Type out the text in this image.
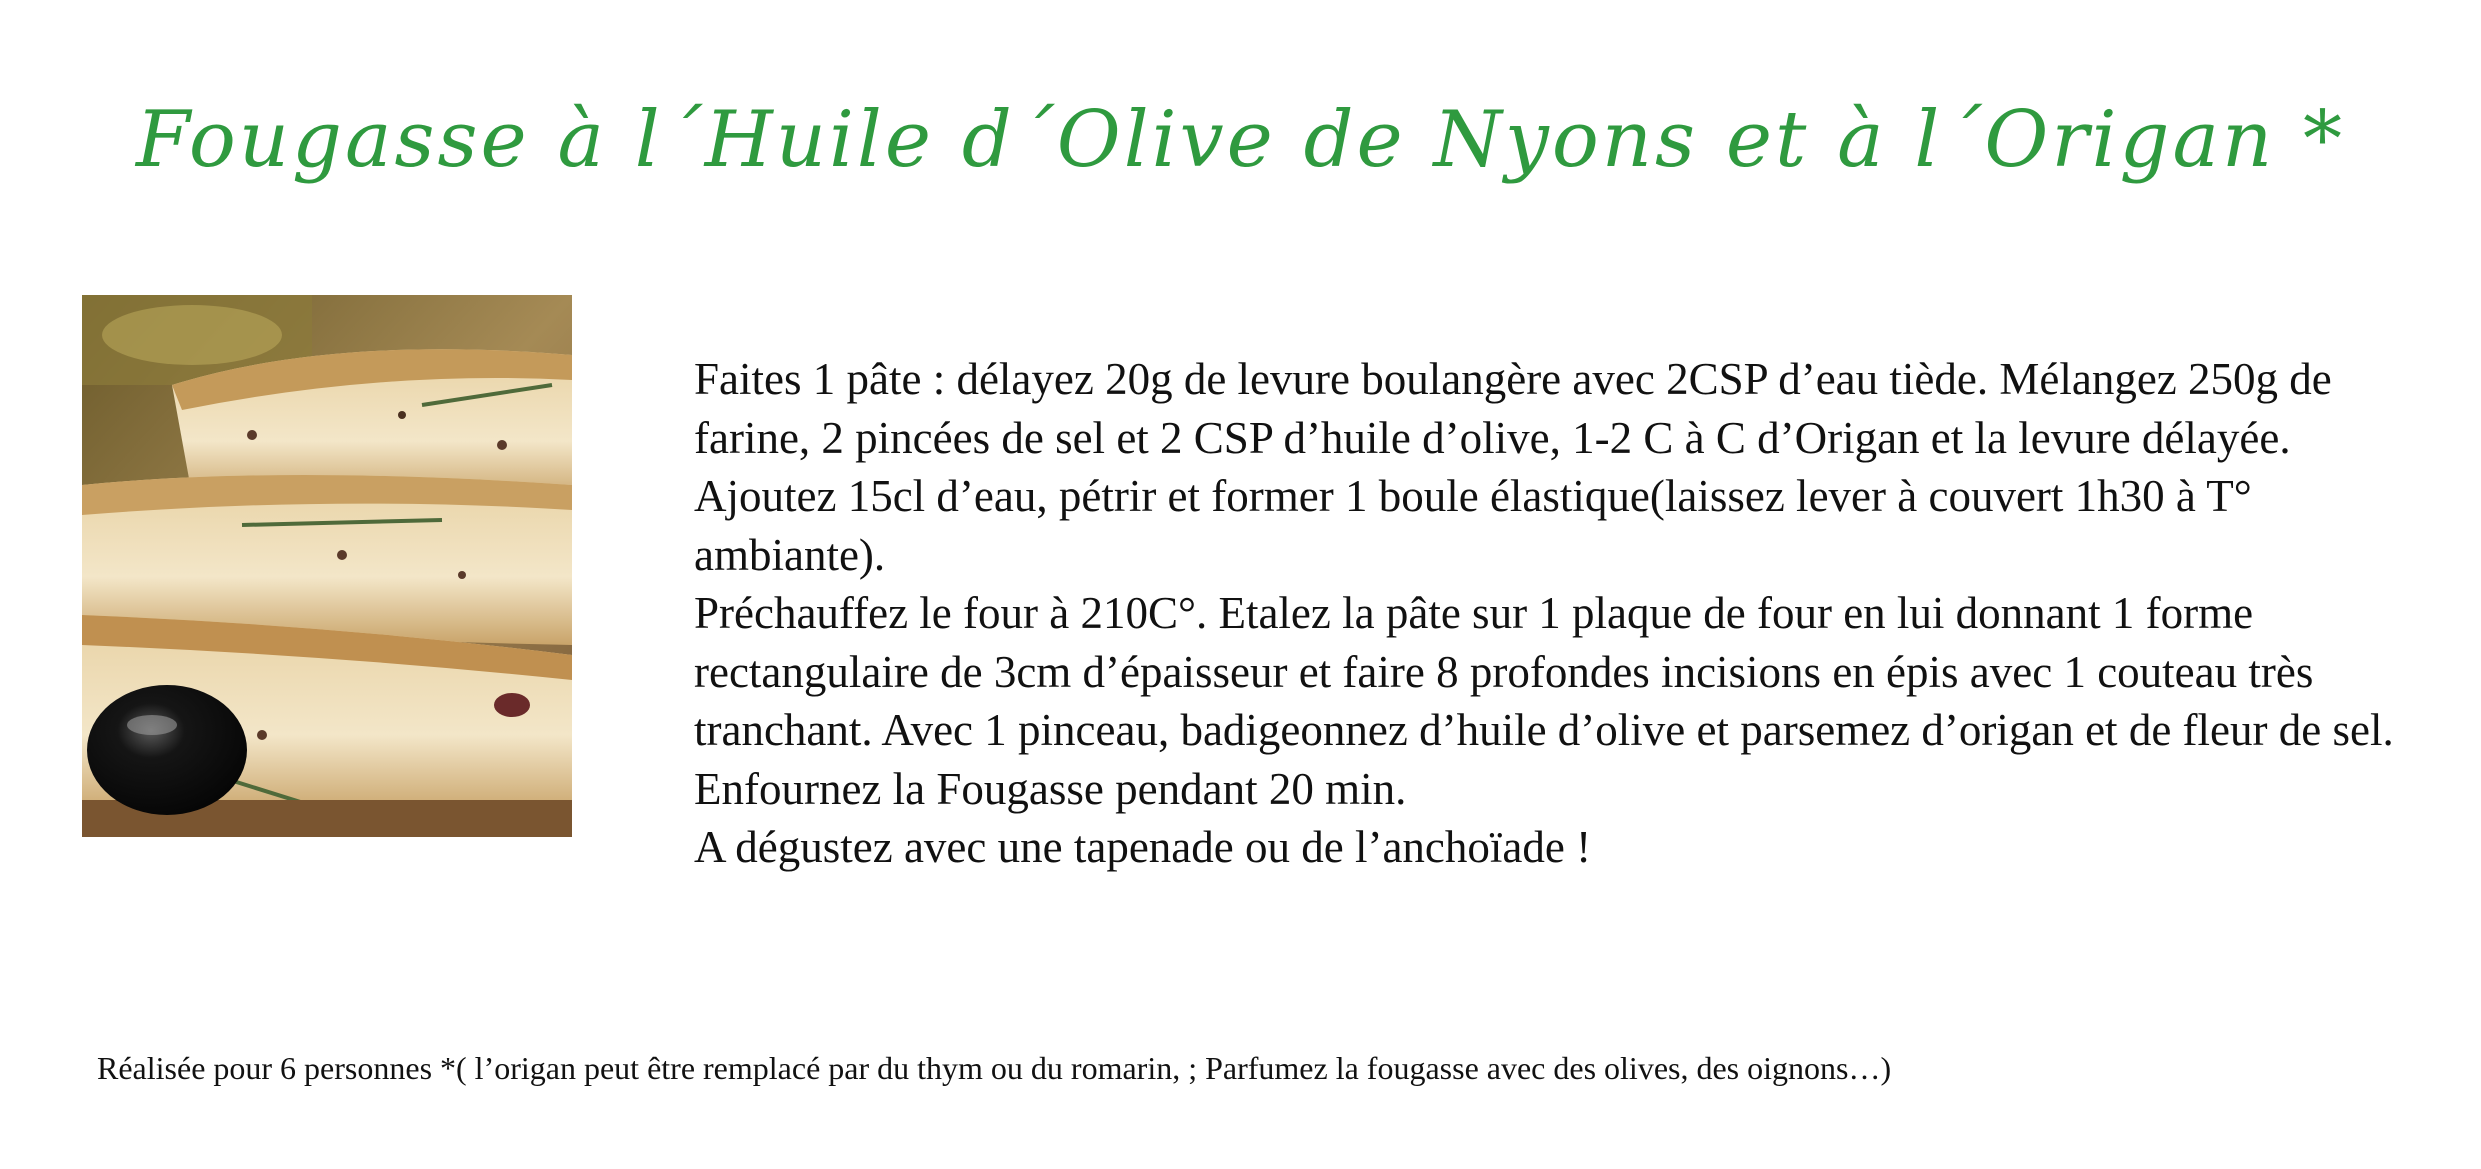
Fougasse à l´Huile d´Olive de Nyons et à l´Origan *

Faites 1 pâte : délayez 20g de levure boulangère avec 2CSP d’eau tiède. Mélangez 250g de farine, 2 pincées de sel et 2 CSP d’huile d’olive, 1-2 C à C d’Origan et la levure délayée. Ajoutez 15cl d’eau, pétrir et former 1 boule élastique(laissez lever à couvert 1h30 à T° ambiante).

Préchauffez le four à 210C°. Etalez la pâte sur 1 plaque de four en lui donnant 1 forme rectangulaire de 3cm d’épaisseur et faire 8 profondes incisions en épis avec 1 couteau très tranchant. Avec 1 pinceau, badigeonnez d’huile d’olive et parsemez d’origan et de fleur de sel.

Enfournez la Fougasse pendant 20 min.

A dégustez avec une tapenade ou de l’anchoïade !

Réalisée pour 6 personnes *( l’origan peut être remplacé par du thym ou du romarin, ; Parfumez la fougasse avec des olives, des oignons…)
